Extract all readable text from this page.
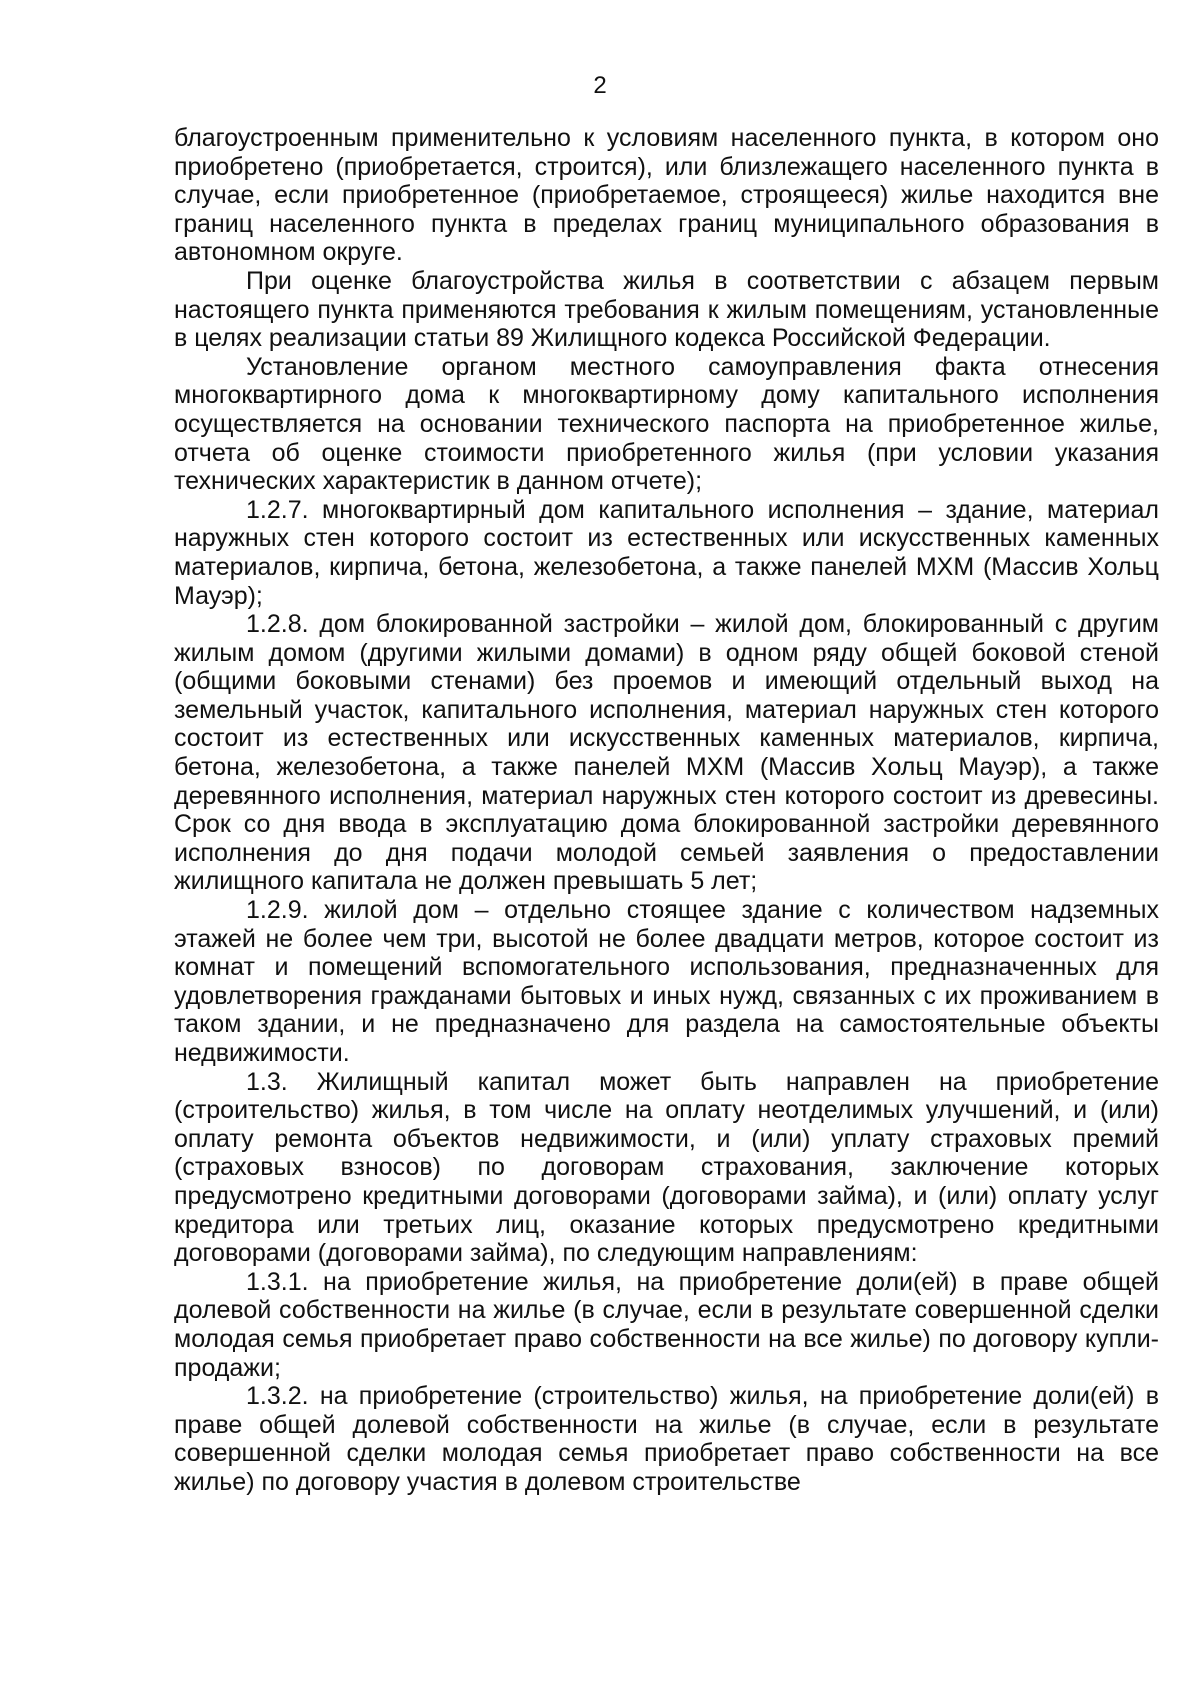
2

благоустроенным применительно к условиям населенного пункта, в котором оно приобретено (приобретается, строится), или близлежащего населенного пункта в случае, если приобретенное (приобретаемое, строящееся) жилье находится вне границ населенного пункта в пределах границ муниципального образования в автономном округе.

При оценке благоустройства жилья в соответствии с абзацем первым настоящего пункта применяются требования к жилым помещениям, установленные в целях реализации статьи 89 Жилищного кодекса Российской Федерации.

Установление органом местного самоуправления факта отнесения многоквартирного дома к многоквартирному дому капитального исполнения осуществляется на основании технического паспорта на приобретенное жилье, отчета об оценке стоимости приобретенного жилья (при условии указания технических характеристик в данном отчете);

1.2.7. многоквартирный дом капитального исполнения – здание, материал наружных стен которого состоит из естественных или искусственных каменных материалов, кирпича, бетона, железобетона, а также панелей МХМ (Массив Хольц Мауэр);

1.2.8. дом блокированной застройки – жилой дом, блокированный с другим жилым домом (другими жилыми домами) в одном ряду общей боковой стеной (общими боковыми стенами) без проемов и имеющий отдельный выход на земельный участок, капитального исполнения, материал наружных стен которого состоит из естественных или искусственных каменных материалов, кирпича, бетона, железобетона, а также панелей МХМ (Массив Хольц Мауэр), а также деревянного исполнения, материал наружных стен которого состоит из древесины. Срок со дня ввода в эксплуатацию дома блокированной застройки деревянного исполнения до дня подачи молодой семьей заявления о предоставлении жилищного капитала не должен превышать 5 лет;

1.2.9. жилой дом – отдельно стоящее здание с количеством надземных этажей не более чем три, высотой не более двадцати метров, которое состоит из комнат и помещений вспомогательного использования, предназначенных для удовлетворения гражданами бытовых и иных нужд, связанных с их проживанием в таком здании, и не предназначено для раздела на самостоятельные объекты недвижимости.

1.3. Жилищный капитал может быть направлен на приобретение (строительство) жилья, в том числе на оплату неотделимых улучшений, и (или) оплату ремонта объектов недвижимости, и (или) уплату страховых премий (страховых взносов) по договорам страхования, заключение которых предусмотрено кредитными договорами (договорами займа), и (или) оплату услуг кредитора или третьих лиц, оказание которых предусмотрено кредитными договорами (договорами займа), по следующим направлениям:

1.3.1. на приобретение жилья, на приобретение доли(ей) в праве общей долевой собственности на жилье (в случае, если в результате совершенной сделки молодая семья приобретает право собственности на все жилье) по договору купли-продажи;

1.3.2. на приобретение (строительство) жилья, на приобретение доли(ей) в праве общей долевой собственности на жилье (в случае, если в результате совершенной сделки молодая семья приобретает право собственности на все жилье) по договору участия в долевом строительстве
